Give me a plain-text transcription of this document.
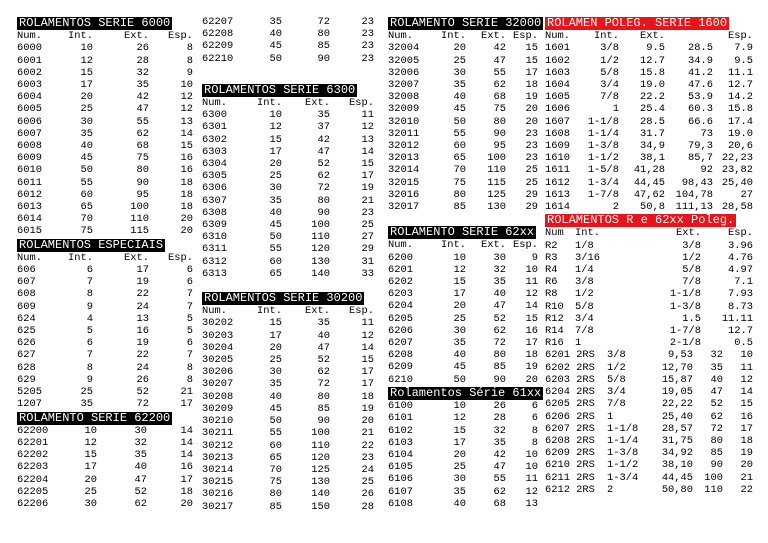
ROLAMENTOS SERIE 6000
Num.	Int.	Ext.	Esp.
6000	10	26	8
6001	12	28	8
6002	15	32	9
6003	17	35	10
6004	20	42	12
6005	25	47	12
6006	30	55	13
6007	35	62	14
6008	40	68	15
6009	45	75	16
6010	50	80	16
6011	55	90	18
6012	60	95	18
6013	65	100	18
6014	70	110	20
6015	75	115	20
ROLAMENTOS ESPECIAIS
Num.	Int.	Ext.	Esp.
606	6	17	6
607	7	19	6
608	8	22	7
609	9	24	7
624	4	13	5
625	5	16	5
626	6	19	6
627	7	22	7
628	8	24	8
629	9	26	8
5205	25	52	21
1207	35	72	17
ROLAMENTO SERIE 62200
62200	10	30	14
62201	12	32	14
62202	15	35	14
62203	17	40	16
62204	20	47	17
62205	25	52	18
62206	30	62	20
62207	35	72	23
62208	40	80	23
62209	45	85	23
62210	50	90	23
ROLAMENTOS SERIE 6300
Num.	Int.	Ext.	Esp.
6300	10	35	11
6301	12	37	12
6302	15	42	13
6303	17	47	14
6304	20	52	15
6305	25	62	17
6306	30	72	19
6307	35	80	21
6308	40	90	23
6309	45	100	25
6310	50	110	27
6311	55	120	29
6312	60	130	31
6313	65	140	33
ROLAMENTOS SERIE 30200
Num.	Int.	Ext.	Esp.
30202	15	35	11
30203	17	40	12
30204	20	47	14
30205	25	52	15
30206	30	62	17
30207	35	72	17
30208	40	80	18
30209	45	85	19
30210	50	90	20
30211	55	100	21
30212	60	110	22
30213	65	120	23
30214	70	125	24
30215	75	130	25
30216	80	140	26
30217	85	150	28
ROLAMENTO SERIE 32000
Num.	Int.	Ext.	Esp.
32004	20	42	15
32005	25	47	15
32006	30	55	17
32007	35	62	18
32008	40	68	19
32009	45	75	20
32010	50	80	20
32011	55	90	23
32012	60	95	23
32013	65	100	23
32014	70	110	25
32015	75	115	25
32016	80	125	29
32017	85	130	29
ROLAMENTO SERIE 62xx
Num.	Int.	Ext.	Esp.
6200	10	30	9
6201	12	32	10
6202	15	35	11
6203	17	40	12
6204	20	47	14
6205	25	52	15
6206	30	62	16
6207	35	72	17
6208	40	80	18
6209	45	85	19
6210	50	90	20
Rolamentos Série 61xx
6100	10	26	6
6101	12	28	6
6102	15	32	8
6103	17	35	8
6104	20	42	10
6105	25	47	10
6106	30	55	11
6107	35	62	12
6108	40	68	13
ROLAMEN POLEG. SERIE 1600
Num.	Int.	Ext.	Esp.	
1601	3/8	9.5	28.5	7.9
1602	1/2	12.7	34.9	9.5
1603	5/8	15.8	41.2	11.1
1604	3/4	19.0	47.6	12.7
1605	7/8	22.2	53.9	14.2
1606	1	25.4	60.3	15.8
1607	1-1/8	28.5	66.6	17.4
1608	1-1/4	31.7	73	19.0
1609	1-3/8	34,9	79,3	20,6
1610	1-1/2	38,1	85,7	22,23
1611	1-5/8	41,28	92	23,82
1612	1-3/4	44,45	98,43	25,40
1613	1-7/8	47,62	104,78	27
1614	2	50,8	111,13	28,58
ROLAMENTOS R e 62xx Poleg.
Num	Int.	Ext.	Esp.
R2	1/8	3/8	3.96
R3	3/16	1/2	4.76
R4	1/4	5/8	4.97
R6	3/8	7/8	7.1
R8	1/2	1-1/8	7.93
R10	5/8	1-3/8	8.73
R12	3/4	1.5	11.11
R14	7/8	1-7/8	12.7
R16	1	2-1/8	0.5
6201 2RS	3/8	9,53	32	10
6202 2RS	1/2	12,70	35	11
6203 2RS	5/8	15,87	40	12
6204 2RS	3/4	19,05	47	14
6205 2RS	7/8	22,22	52	15
6206 2RS	1	25,40	62	16
6207 2RS	1-1/8	28,57	72	17
6208 2RS	1-1/4	31,75	80	18
6209 2RS	1-3/8	34,92	85	19
6210 2RS	1-1/2	38,10	90	20
6211 2RS	1-3/4	44,45	100	21
6212 2RS	2	50,80	110	22
